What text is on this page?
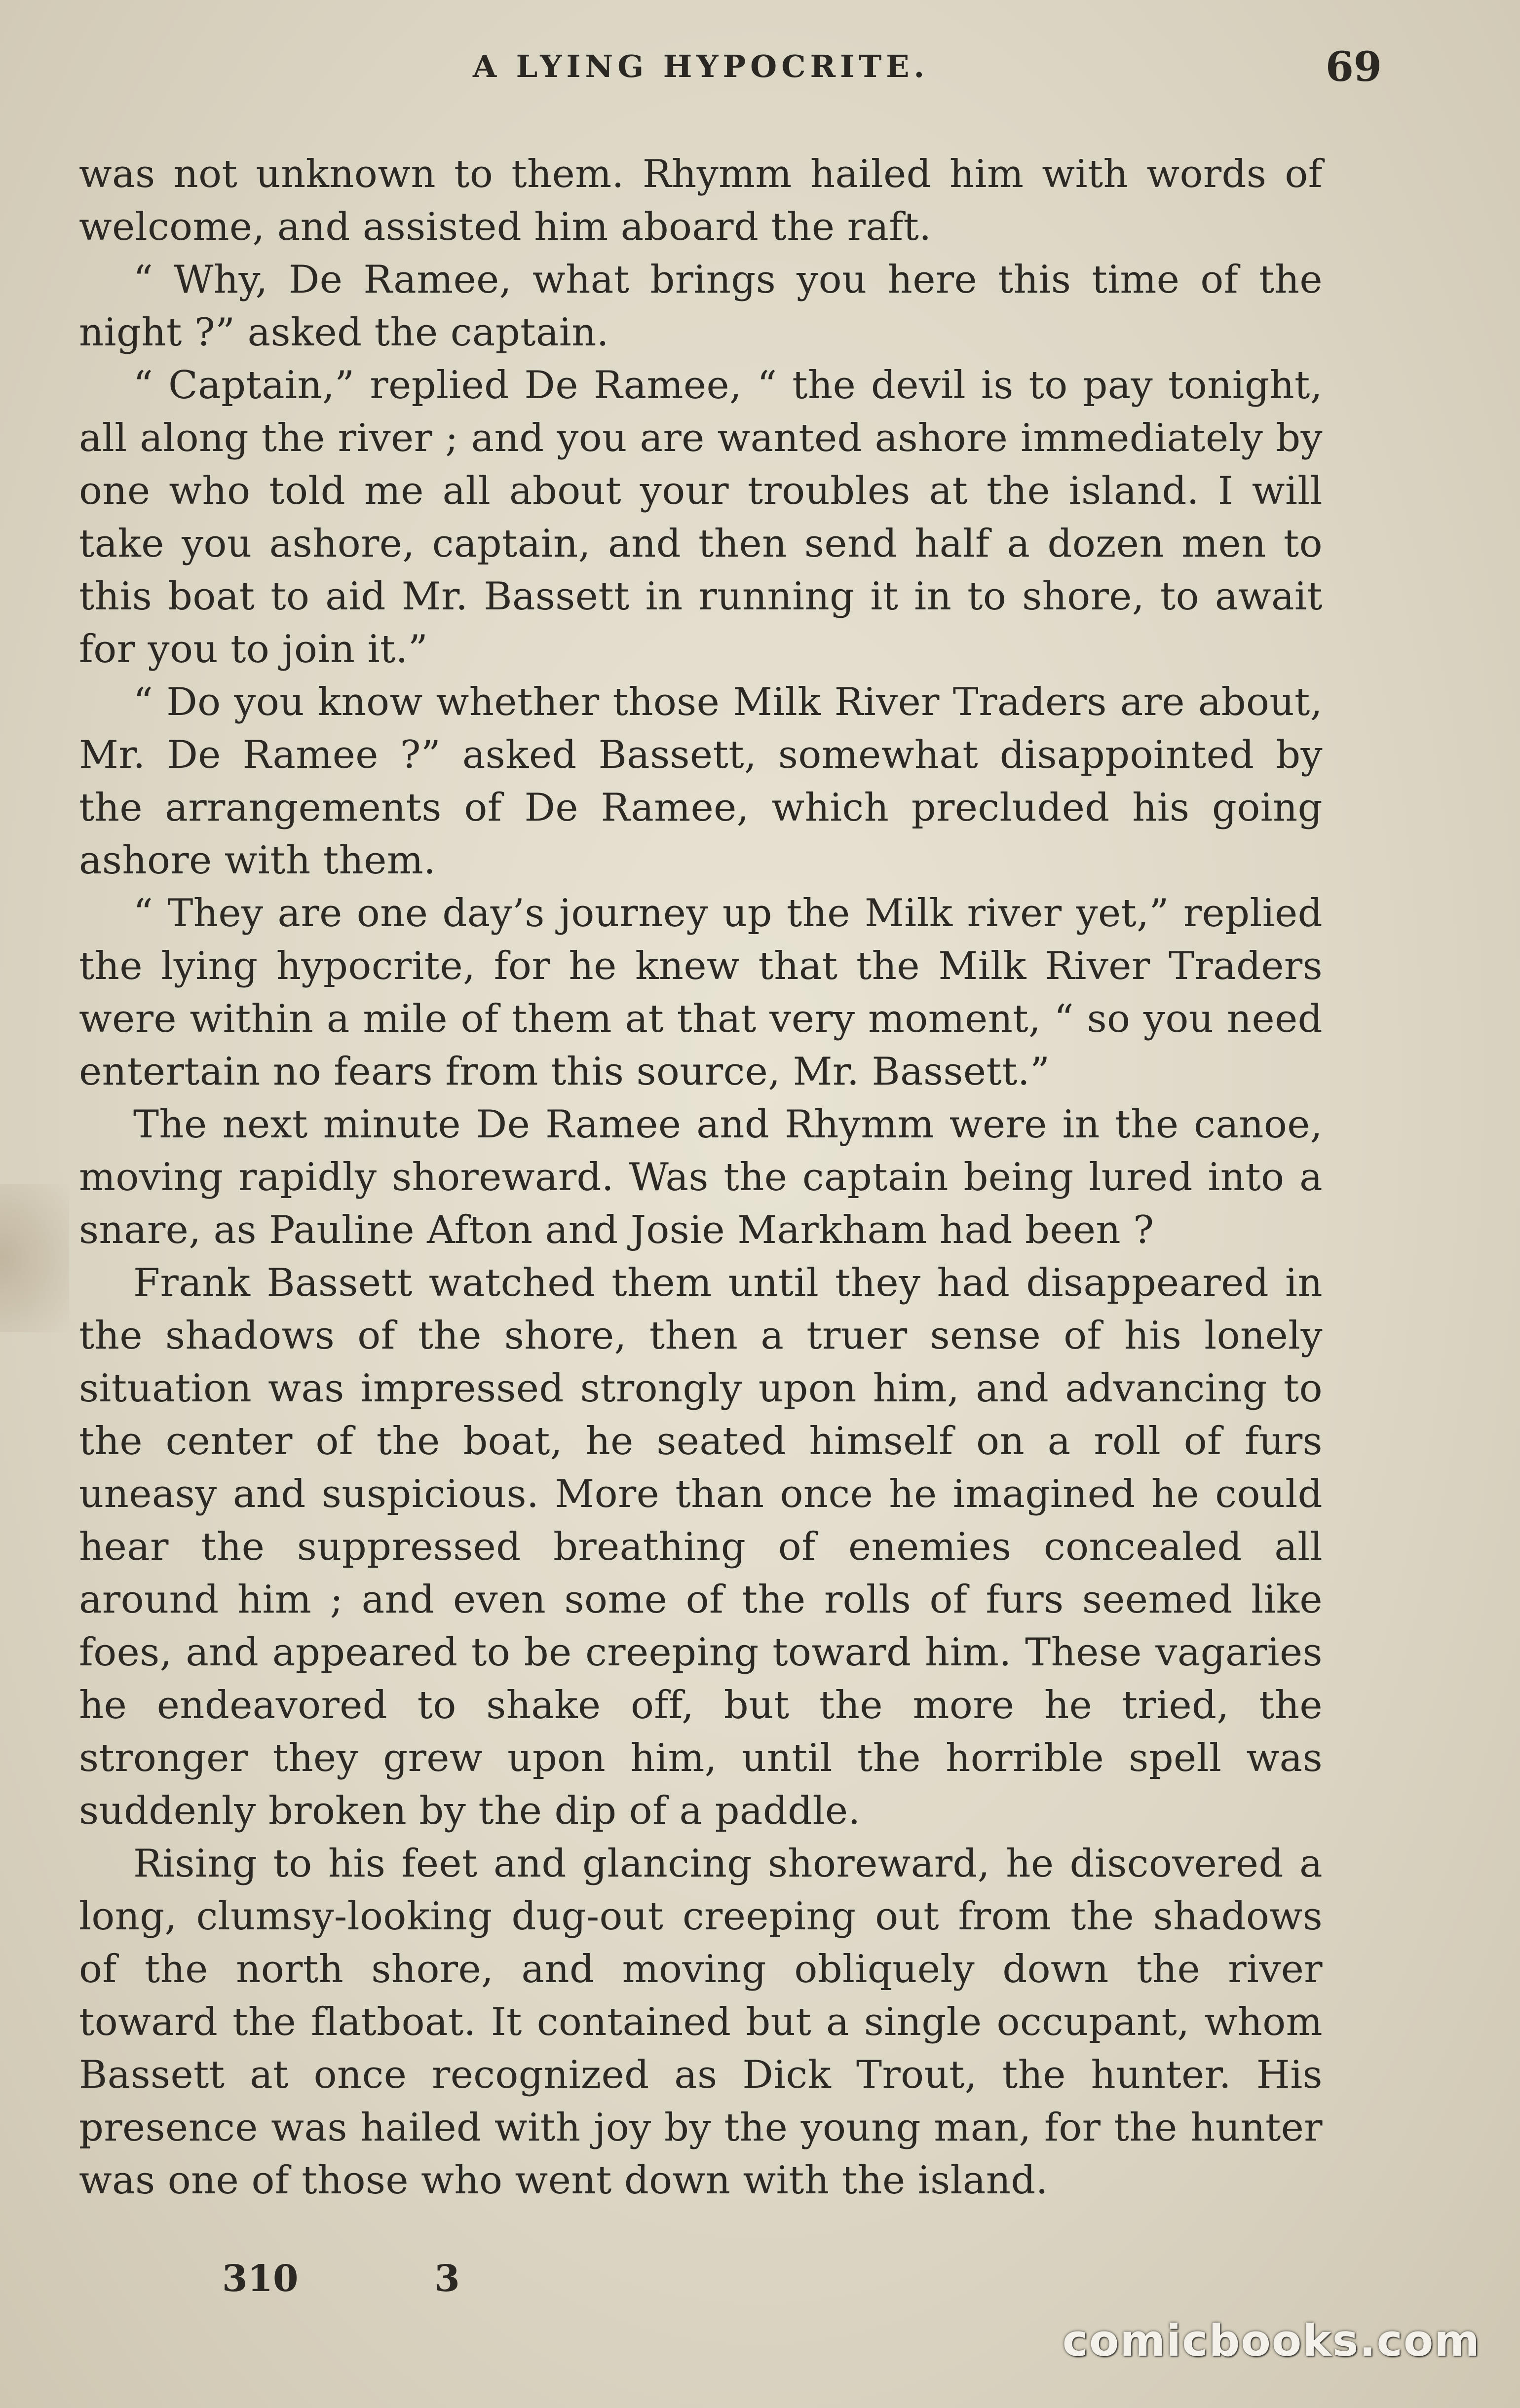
A LYING HYPOCRITE.	69

was not unknown to them. Rhymm hailed him with words of welcome, and assisted him aboard the raft.

“ Why, De Ramee, what brings you here this time of the night ?” asked the captain.

“ Captain,” replied De Ramee, “ the devil is to pay tonight, all along the river ; and you are wanted ashore immediately by one who told me all about your troubles at the island. I will take you ashore, captain, and then send half a dozen men to this boat to aid Mr. Bassett in running it in to shore, to await for you to join it.”

“ Do you know whether those Milk River Traders are about, Mr. De Ramee ?” asked Bassett, somewhat disappointed by the arrangements of De Ramee, which precluded his going ashore with them.

“ They are one day’s journey up the Milk river yet,” replied the lying hypocrite, for he knew that the Milk River Traders were within a mile of them at that very moment, “ so you need entertain no fears from this source, Mr. Bassett.”

The next minute De Ramee and Rhymm were in the canoe, moving rapidly shoreward. Was the captain being lured into a snare, as Pauline Afton and Josie Markham had been ?

Frank Bassett watched them until they had disappeared in the shadows of the shore, then a truer sense of his lonely situation was impressed strongly upon him, and advancing to the center of the boat, he seated himself on a roll of furs uneasy and suspicious. More than once he imagined he could hear the suppressed breathing of enemies concealed all around him ; and even some of the rolls of furs seemed like foes, and appeared to be creeping toward him. These vagaries he endeavored to shake off, but the more he tried, the stronger they grew upon him, until the horrible spell was suddenly broken by the dip of a paddle.

Rising to his feet and glancing shoreward, he discovered a long, clumsy-looking dug-out creeping out from the shadows of the north shore, and moving obliquely down the river toward the flatboat. It contained but a single occupant, whom Bassett at once recognized as Dick Trout, the hunter. His presence was hailed with joy by the young man, for the hunter was one of those who went down with the island.

310	3
comicbooks.com
